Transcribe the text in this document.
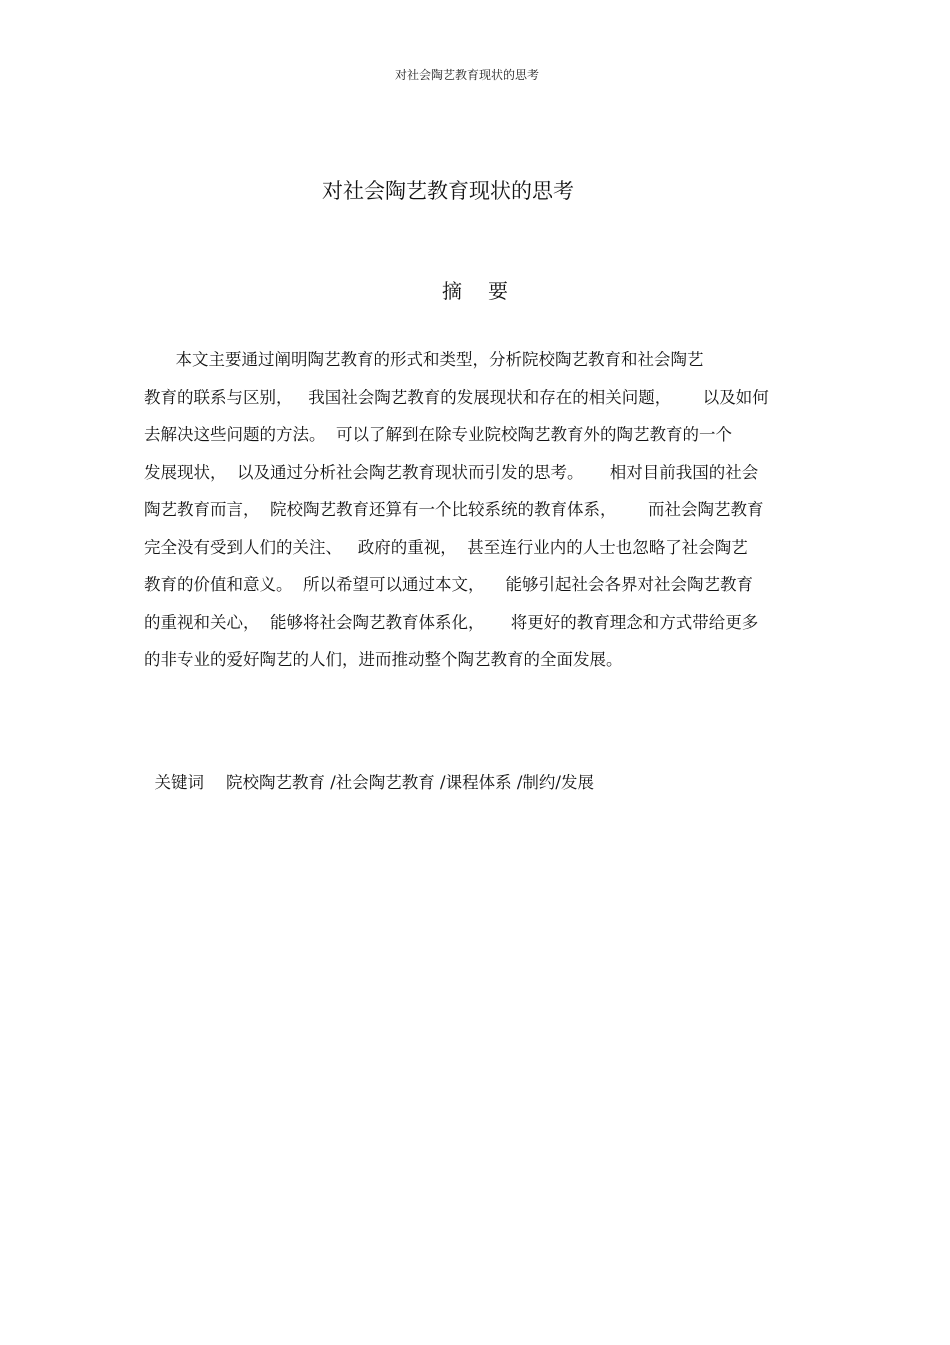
对社会陶艺教育现状的思考
对社会陶艺教育现状的思考
摘要
本文主要通过阐明陶艺教育的形式和类型，分析院校陶艺教育和社会陶艺
教育的联系与区别，   我国社会陶艺教育的发展现状和存在的相关问题，      以及如何
去解决这些问题的方法。  可以了解到在除专业院校陶艺教育外的陶艺教育的一个
发展现状，  以及通过分析社会陶艺教育现状而引发的思考。     相对目前我国的社会
陶艺教育而言，  院校陶艺教育还算有一个比较系统的教育体系，      而社会陶艺教育
完全没有受到人们的关注、   政府的重视，  甚至连行业内的人士也忽略了社会陶艺
教育的价值和意义。  所以希望可以通过本文，    能够引起社会各界对社会陶艺教育
的重视和关心，  能够将社会陶艺教育体系化，     将更好的教育理念和方式带给更多
的非专业的爱好陶艺的人们，进而推动整个陶艺教育的全面发展。

关键词 院校陶艺教育 /社会陶艺教育 /课程体系 /制约/发展
